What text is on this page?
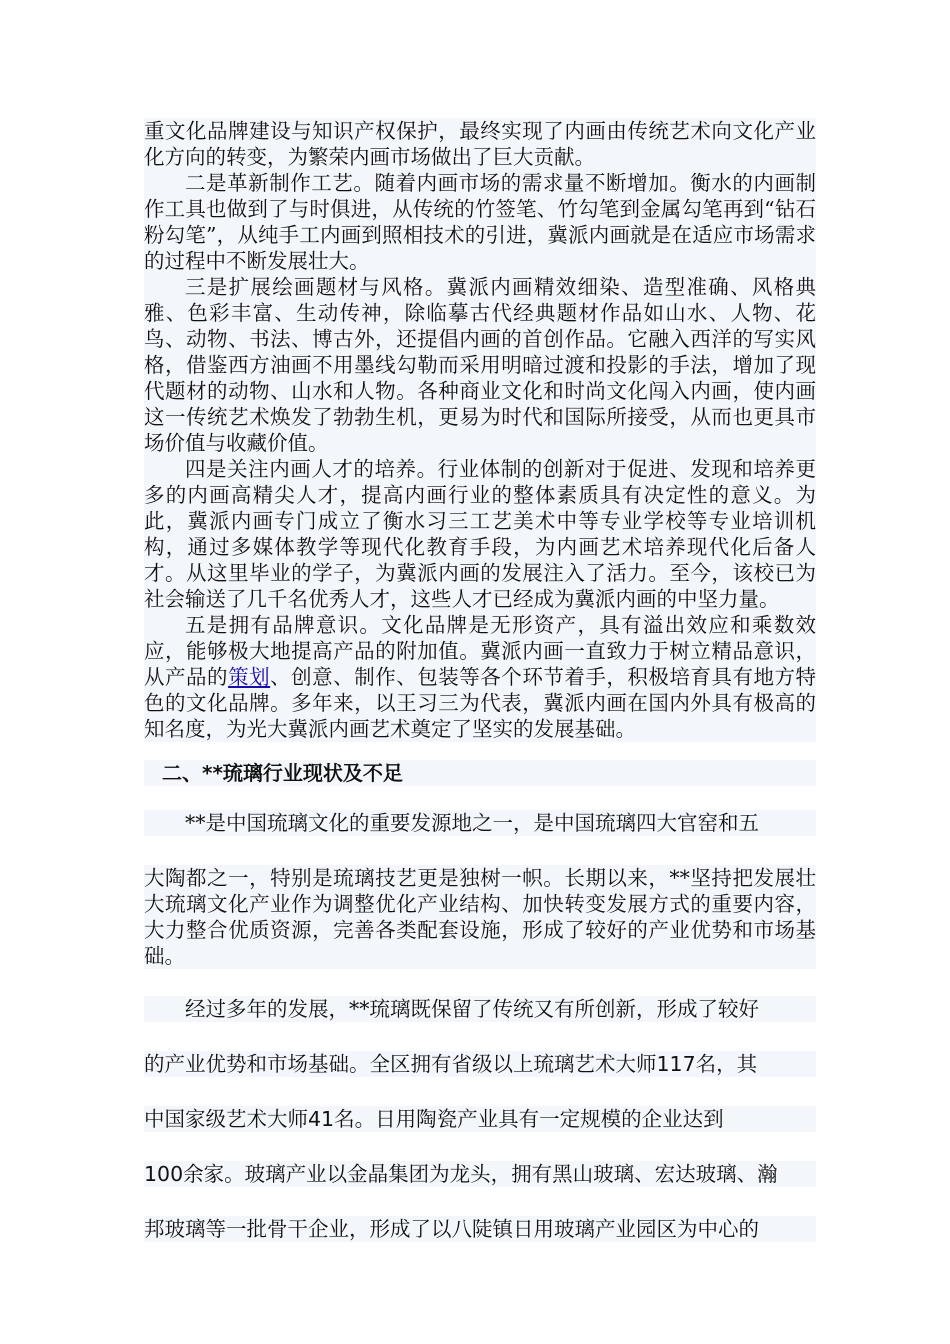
重文化品牌建设与知识产权保护，最终实现了内画由传统艺术向文化产业化方向的转变，为繁荣内画市场做出了巨大贡献。

二是革新制作工艺。随着内画市场的需求量不断增加。衡水的内画制作工具也做到了与时俱进，从传统的竹签笔、竹勾笔到金属勾笔再到“钻石粉勾笔”，从纯手工内画到照相技术的引进，冀派内画就是在适应市场需求的过程中不断发展壮大。

三是扩展绘画题材与风格。冀派内画精效细染、造型准确、风格典雅、色彩丰富、生动传神，除临摹古代经典题材作品如山水、人物、花鸟、动物、书法、博古外，还提倡内画的首创作品。它融入西洋的写实风格，借鉴西方油画不用墨线勾勒而采用明暗过渡和投影的手法，增加了现代题材的动物、山水和人物。各种商业文化和时尚文化闯入内画，使内画这一传统艺术焕发了勃勃生机，更易为时代和国际所接受，从而也更具市场价值与收藏价值。

四是关注内画人才的培养。行业体制的创新对于促进、发现和培养更多的内画高精尖人才，提高内画行业的整体素质具有决定性的意义。为此，冀派内画专门成立了衡水习三工艺美术中等专业学校等专业培训机构，通过多媒体教学等现代化教育手段，为内画艺术培养现代化后备人才。从这里毕业的学子，为冀派内画的发展注入了活力。至今，该校已为社会输送了几千名优秀人才，这些人才已经成为冀派内画的中坚力量。

五是拥有品牌意识。文化品牌是无形资产，具有溢出效应和乘数效应，能够极大地提高产品的附加值。冀派内画一直致力于树立精品意识，从产品的策划、创意、制作、包装等各个环节着手，积极培育具有地方特色的文化品牌。多年来，以王习三为代表，冀派内画在国内外具有极高的知名度，为光大冀派内画艺术奠定了坚实的发展基础。

二、**琉璃行业现状及不足
**是中国琉璃文化的重要发源地之一，是中国琉璃四大官窑和五
大陶都之一，特别是琉璃技艺更是独树一帜。长期以来，**坚持把发展壮大琉璃文化产业作为调整优化产业结构、加快转变发展方式的重要内容，大力整合优质资源，完善各类配套设施，形成了较好的产业优势和市场基础。
经过多年的发展，**琉璃既保留了传统又有所创新，形成了较好
的产业优势和市场基础。全区拥有省级以上琉璃艺术大师117名，其
中国家级艺术大师41名。日用陶瓷产业具有一定规模的企业达到
100余家。玻璃产业以金晶集团为龙头，拥有黑山玻璃、宏达玻璃、瀚
邦玻璃等一批骨干企业，形成了以八陡镇日用玻璃产业园区为中心的
